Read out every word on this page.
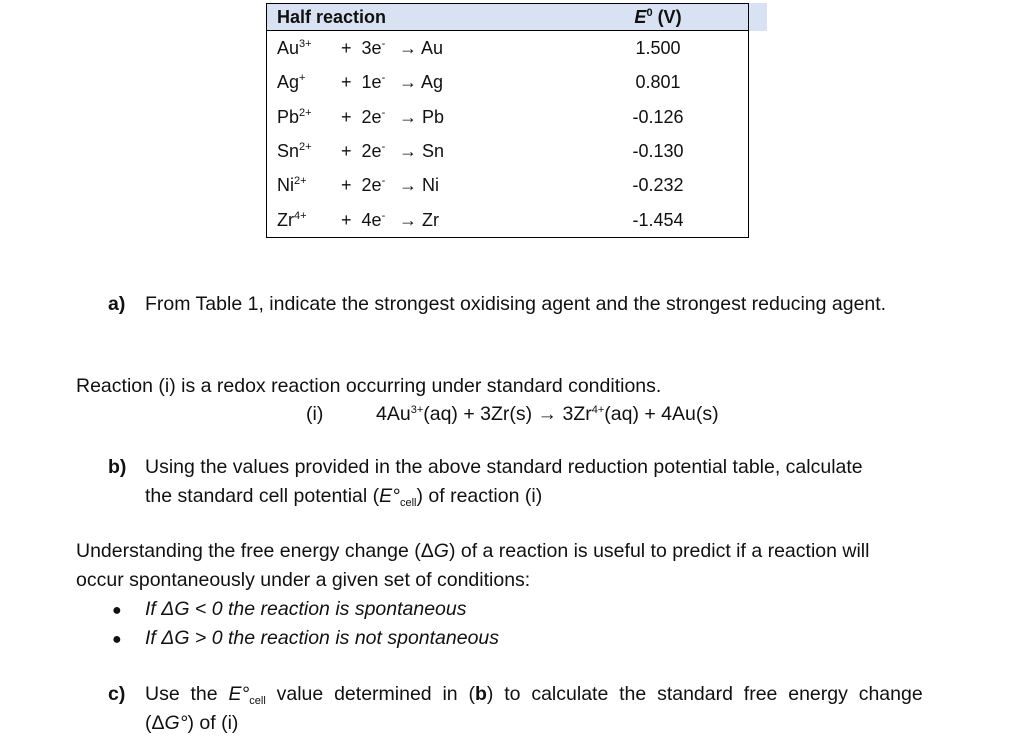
Half reaction	$E^0$ (V)
$Au^{3+} + 3e^- \to Au$	1.500
Ag+ + 1e- → Ag	0.801
$Pb^{2+} + 2e^- \to Pb$	-0.126
$Sn^{2+} + 2e^- \to Sn$	-0.130
$Ni^{2+} + 2e^- \to Ni$	-0.232
$Zr^{4+} + 4e^- \to Zr$	-1.454
a) From Table 1, indicate the strongest oxidising agent and the strongest reducing agent.
Reaction (i) is a redox reaction occurring under standard conditions.
(i)	$4Au^{3+}(aq) + 3Zr(s) \to 3Zr^{4+}(aq) + 4Au(s)$
b) Using the values provided in the above standard reduction potential table, calculate
the standard cell potential $(E^\circ_{cell})$ of reaction (i)
Understanding the free energy change (ΔG) of a reaction is useful to predict if a reaction will
occur spontaneously under a given set of conditions:
● If ΔG < 0 the reaction is spontaneous
● If ΔG > 0 the reaction is not spontaneous
c) Use  the  $E^\circ_{cell}$  value  determined  in  (b)  to  calculate  the  standard  free  energy  change
(ΔG°) of (i)
